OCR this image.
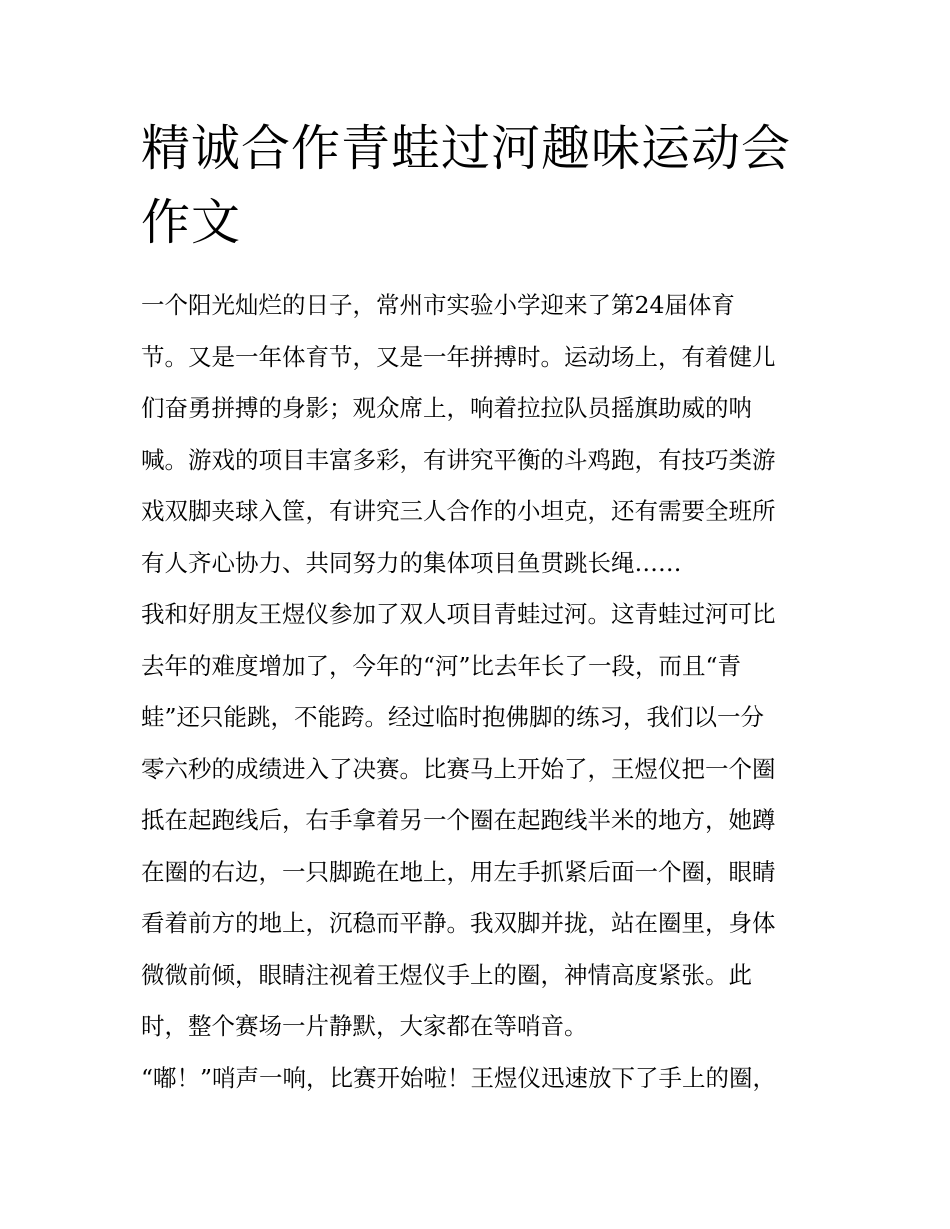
精诚合作青蛙过河趣味运动会
作文
一个阳光灿烂的日子，常州市实验小学迎来了第24届体育
节。又是一年体育节，又是一年拼搏时。运动场上，有着健儿
们奋勇拼搏的身影；观众席上，响着拉拉队员摇旗助威的呐
喊。游戏的项目丰富多彩，有讲究平衡的斗鸡跑，有技巧类游
戏双脚夹球入筐，有讲究三人合作的小坦克，还有需要全班所
有人齐心协力、共同努力的集体项目鱼贯跳长绳……
我和好朋友王煜仪参加了双人项目青蛙过河。这青蛙过河可比
去年的难度增加了，今年的“河”比去年长了一段，而且“青
蛙”还只能跳，不能跨。经过临时抱佛脚的练习，我们以一分
零六秒的成绩进入了决赛。比赛马上开始了，王煜仪把一个圈
抵在起跑线后，右手拿着另一个圈在起跑线半米的地方，她蹲
在圈的右边，一只脚跪在地上，用左手抓紧后面一个圈，眼睛
看着前方的地上，沉稳而平静。我双脚并拢，站在圈里，身体
微微前倾，眼睛注视着王煜仪手上的圈，神情高度紧张。此
时，整个赛场一片静默，大家都在等哨音。
“嘟！”哨声一响，比赛开始啦！王煜仪迅速放下了手上的圈，
